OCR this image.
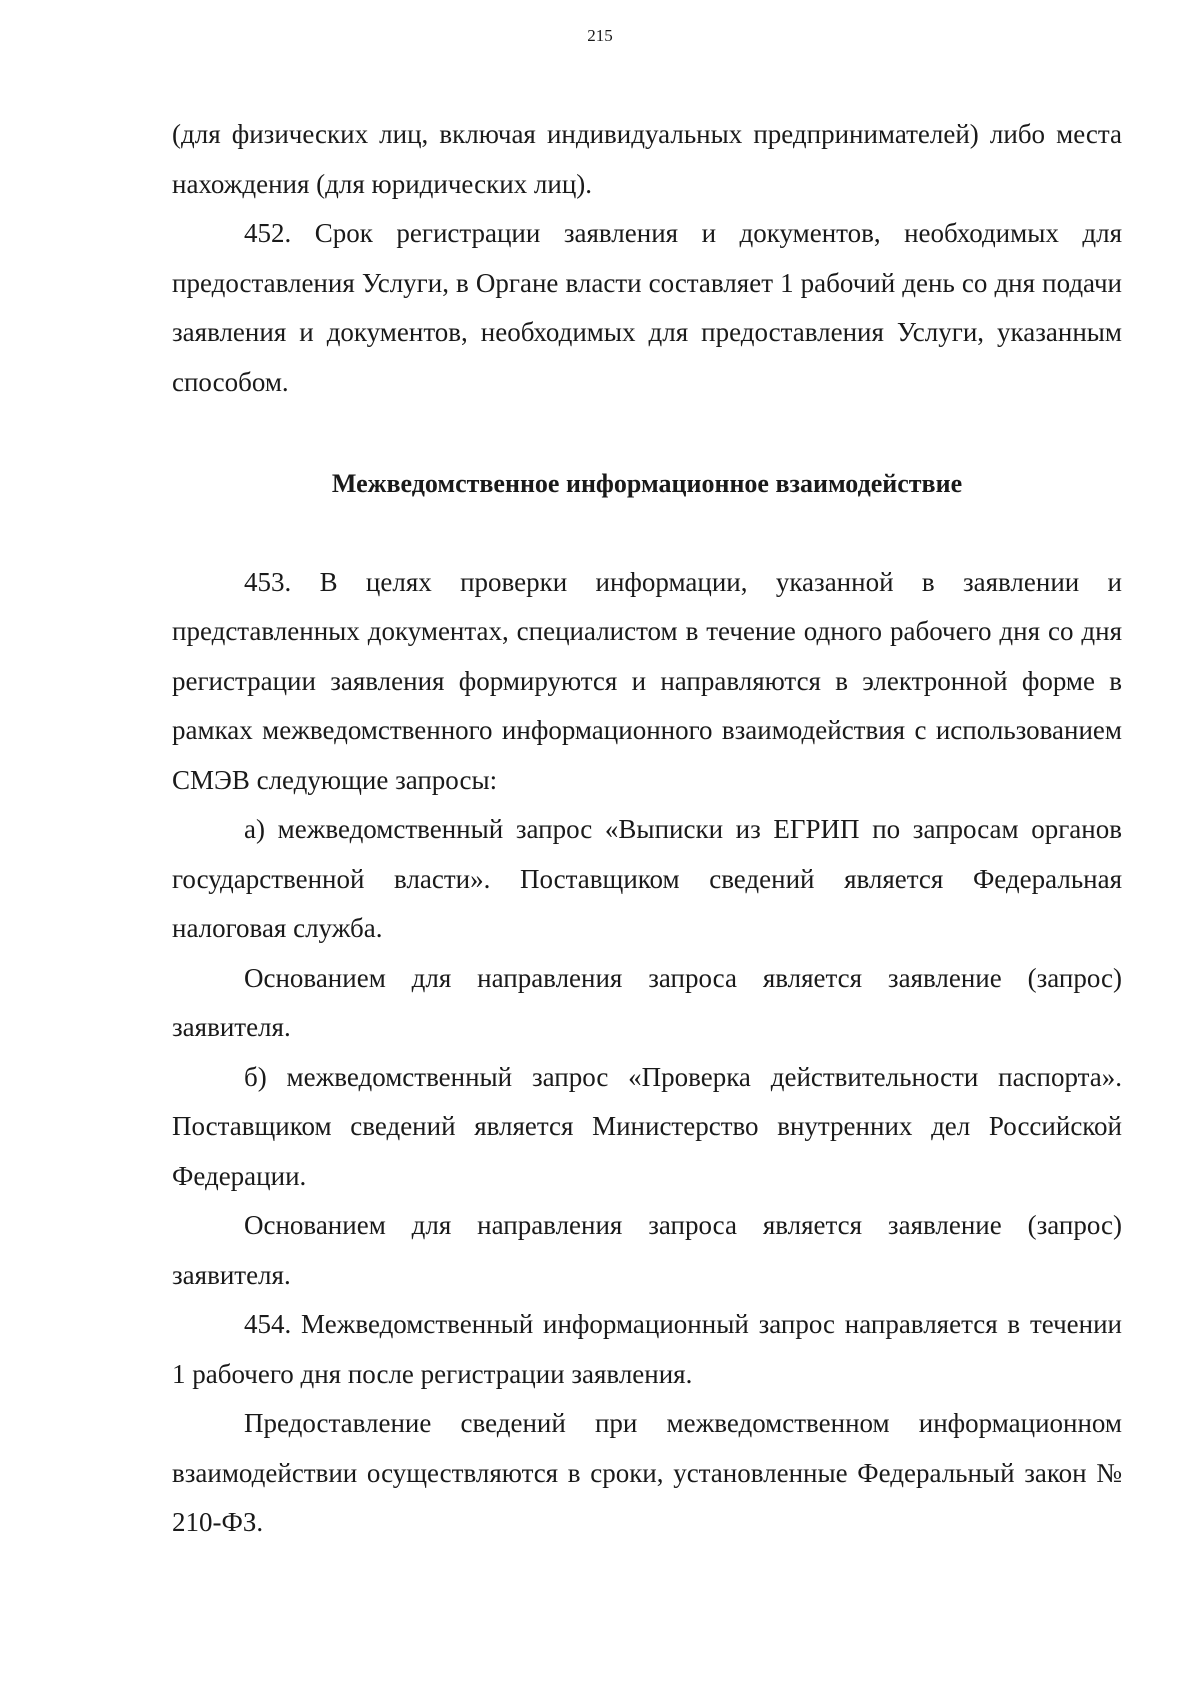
215

(для физических лиц, включая индивидуальных предпринимателей) либо места нахождения (для юридических лиц).

452. Срок регистрации заявления и документов, необходимых для предоставления Услуги, в Органе власти составляет 1 рабочий день со дня подачи заявления и документов, необходимых для предоставления Услуги, указанным способом.

Межведомственное информационное взаимодействие

453. В целях проверки информации, указанной в заявлении и представленных документах, специалистом в течение одного рабочего дня со дня регистрации заявления формируются и направляются в электронной форме в рамках межведомственного информационного взаимодействия с использованием СМЭВ следующие запросы:

а) межведомственный запрос «Выписки из ЕГРИП по запросам органов государственной власти». Поставщиком сведений является Федеральная налоговая служба.

Основанием для направления запроса является заявление (запрос) заявителя.

б) межведомственный запрос «Проверка действительности паспорта». Поставщиком сведений является Министерство внутренних дел Российской Федерации.

Основанием для направления запроса является заявление (запрос) заявителя.

454. Межведомственный информационный запрос направляется в течении 1 рабочего дня после регистрации заявления.

Предоставление сведений при межведомственном информационном взаимодействии осуществляются в сроки, установленные Федеральный закон № 210-ФЗ.
